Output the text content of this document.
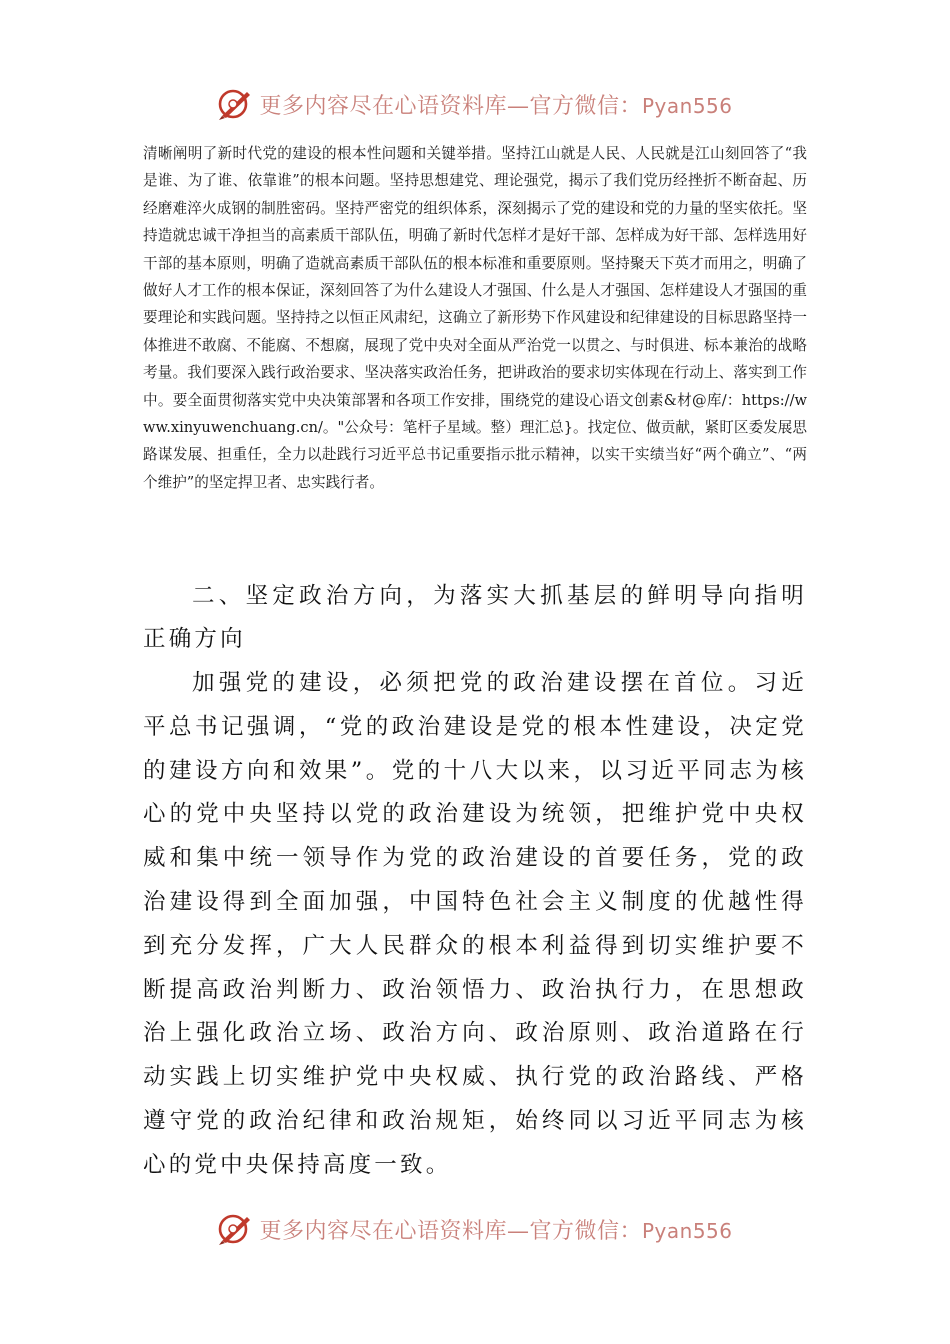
更多内容尽在心语资料库—官方微信：Pyan556

清晰阐明了新时代党的建设的根本性问题和关键举措。坚持江山就是人民、人民就是江山刻回答了“我是谁、为了谁、依靠谁”的根本问题。坚持思想建党、理论强党，揭示了我们党历经挫折不断奋起、历经磨难淬火成钢的制胜密码。坚持严密党的组织体系，深刻揭示了党的建设和党的力量的坚实依托。坚持造就忠诚干净担当的高素质干部队伍，明确了新时代怎样才是好干部、怎样成为好干部、怎样选用好干部的基本原则，明确了造就高素质干部队伍的根本标准和重要原则。坚持聚天下英才而用之，明确了做好人才工作的根本保证，深刻回答了为什么建设人才强国、什么是人才强国、怎样建设人才强国的重要理论和实践问题。坚持持之以恒正风肃纪，这确立了新形势下作风建设和纪律建设的目标思路坚持一体推进不敢腐、不能腐、不想腐，展现了党中央对全面从严治党一以贯之、与时俱进、标本兼治的战略考量。我们要深入践行政治要求、坚决落实政治任务，把讲政治的要求切实体现在行动上、落实到工作中。要全面贯彻落实党中央决策部署和各项工作安排，围绕党的建设心语文创素&材@库/：https://www.xinyuwenchuang.cn/。"公众号：笔杆子星域。整）理汇总}。找定位、做贡献，紧盯区委发展思路谋发展、担重任，全力以赴践行习近平总书记重要指示批示精神，以实干实绩当好“两个确立”、“两个维护”的坚定捍卫者、忠实践行者。

二、坚定政治方向，为落实大抓基层的鲜明导向指明正确方向

加强党的建设，必须把党的政治建设摆在首位。习近平总书记强调，“党的政治建设是党的根本性建设，决定党的建设方向和效果”。党的十八大以来，以习近平同志为核心的党中央坚持以党的政治建设为统领，把维护党中央权威和集中统一领导作为党的政治建设的首要任务，党的政治建设得到全面加强，中国特色社会主义制度的优越性得到充分发挥，广大人民群众的根本利益得到切实维护要不断提高政治判断力、政治领悟力、政治执行力，在思想政治上强化政治立场、政治方向、政治原则、政治道路在行动实践上切实维护党中央权威、执行党的政治路线、严格遵守党的政治纪律和政治规矩，始终同以习近平同志为核心的党中央保持高度一致。

更多内容尽在心语资料库—官方微信：Pyan556
